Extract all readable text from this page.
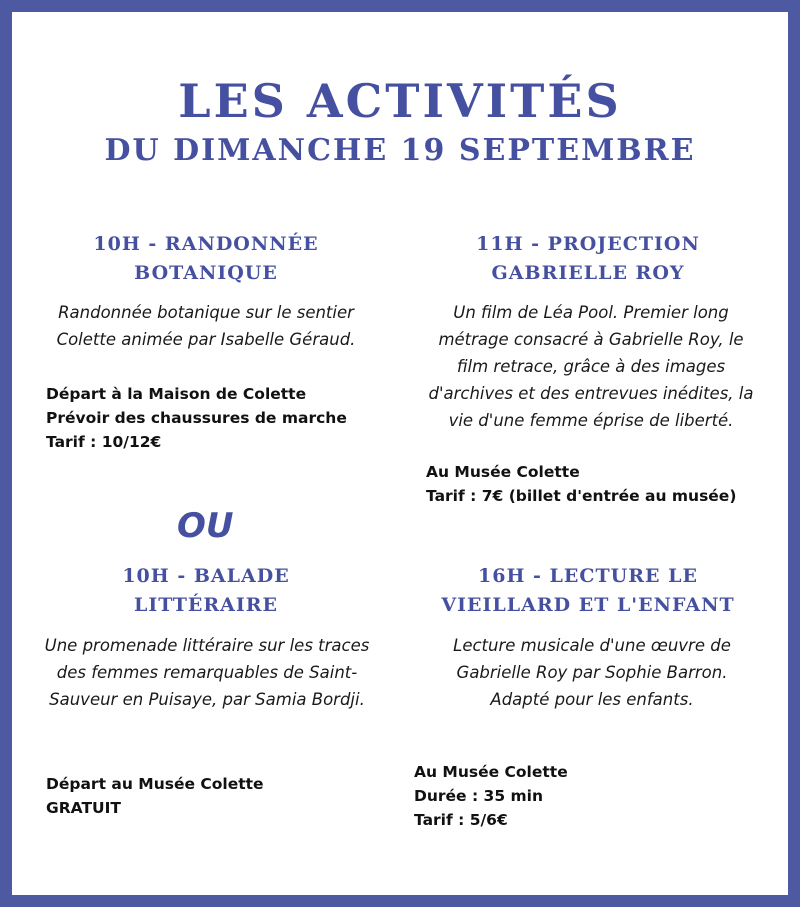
LES ACTIVITÉS
DU DIMANCHE 19 SEPTEMBRE
10H - RANDONNÉE
BOTANIQUE

Randonnée botanique sur le sentier Colette animée par Isabelle Géraud.

Départ à la Maison de Colette
Prévoir des chaussures de marche
Tarif : 10/12€
11H - PROJECTION
GABRIELLE ROY

Un film de Léa Pool. Premier long métrage consacré à Gabrielle Roy, le film retrace, grâce à des images d'archives et des entrevues inédites, la vie d'une femme éprise de liberté.

Au Musée Colette
Tarif : 7€ (billet d'entrée au musée)
OU
10H - BALADE
LITTÉRAIRE

Une promenade littéraire sur les traces des femmes remarquables de Saint-Sauveur en Puisaye, par Samia Bordji.

Départ au Musée Colette
GRATUIT
16H - LECTURE LE
VIEILLARD ET L'ENFANT

Lecture musicale d'une œuvre de Gabrielle Roy par Sophie Barron. Adapté pour les enfants.

Au Musée Colette
Durée : 35 min
Tarif : 5/6€
